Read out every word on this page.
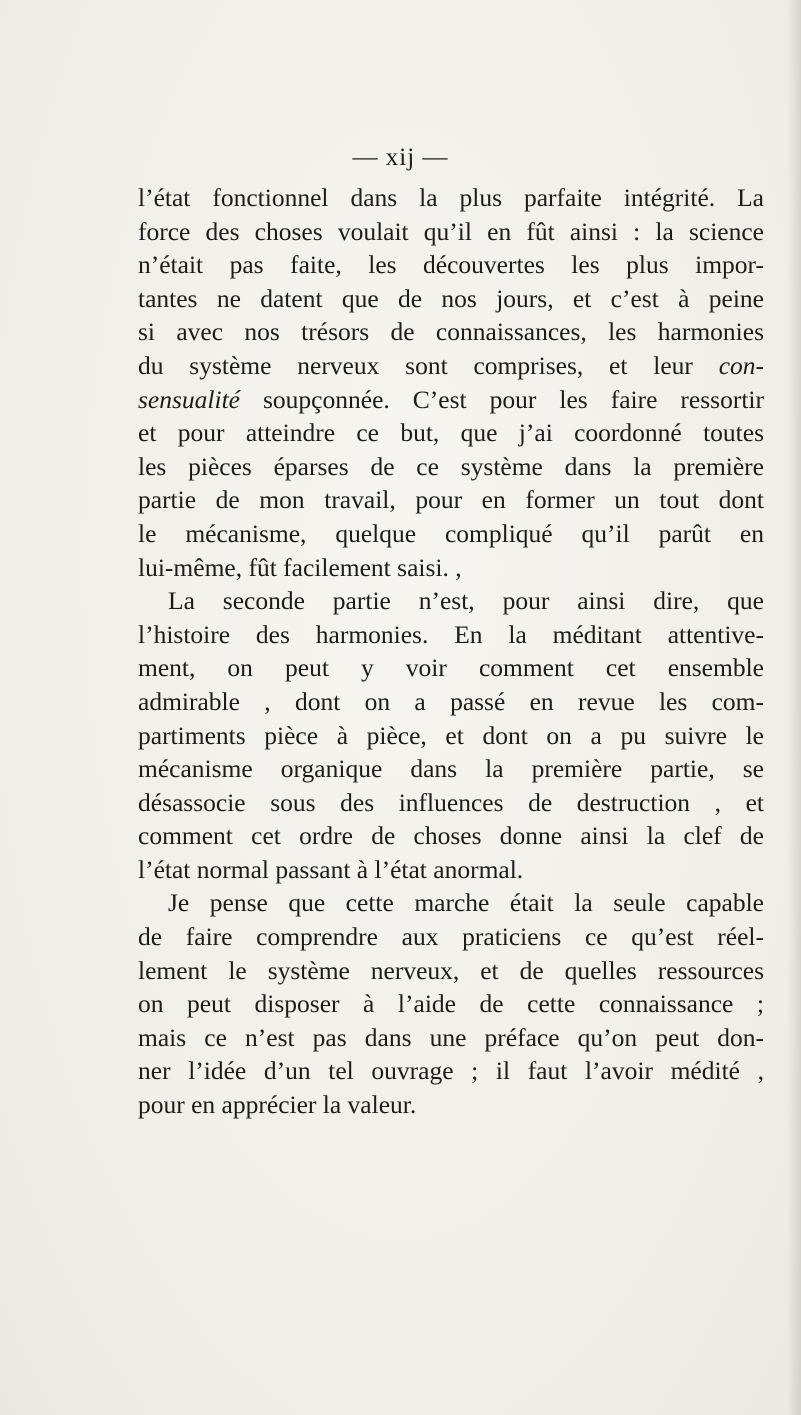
— xij —
l’état fonctionnel dans la plus parfaite intégrité. La
force des choses voulait qu’il en fût ainsi : la science
n’était pas faite, les découvertes les plus impor-
tantes ne datent que de nos jours, et c’est à peine
si avec nos trésors de connaissances, les harmonies
du système nerveux sont comprises, et leur con-
sensualité soupçonnée. C’est pour les faire ressortir
et pour atteindre ce but, que j’ai coordonné toutes
les pièces éparses de ce système dans la première
partie de mon travail, pour en former un tout dont
le mécanisme, quelque compliqué qu’il parût en
lui-même, fût facilement saisi. ,
La seconde partie n’est, pour ainsi dire, que
l’histoire des harmonies. En la méditant attentive-
ment, on peut y voir comment cet ensemble
admirable , dont on a passé en revue les com-
partiments pièce à pièce, et dont on a pu suivre le
mécanisme organique dans la première partie, se
désassocie sous des influences de destruction , et
comment cet ordre de choses donne ainsi la clef de
l’état normal passant à l’état anormal.
Je pense que cette marche était la seule capable
de faire comprendre aux praticiens ce qu’est réel-
lement le système nerveux, et de quelles ressources
on peut disposer à l’aide de cette connaissance ;
mais ce n’est pas dans une préface qu’on peut don-
ner l’idée d’un tel ouvrage ; il faut l’avoir médité ,
pour en apprécier la valeur.
